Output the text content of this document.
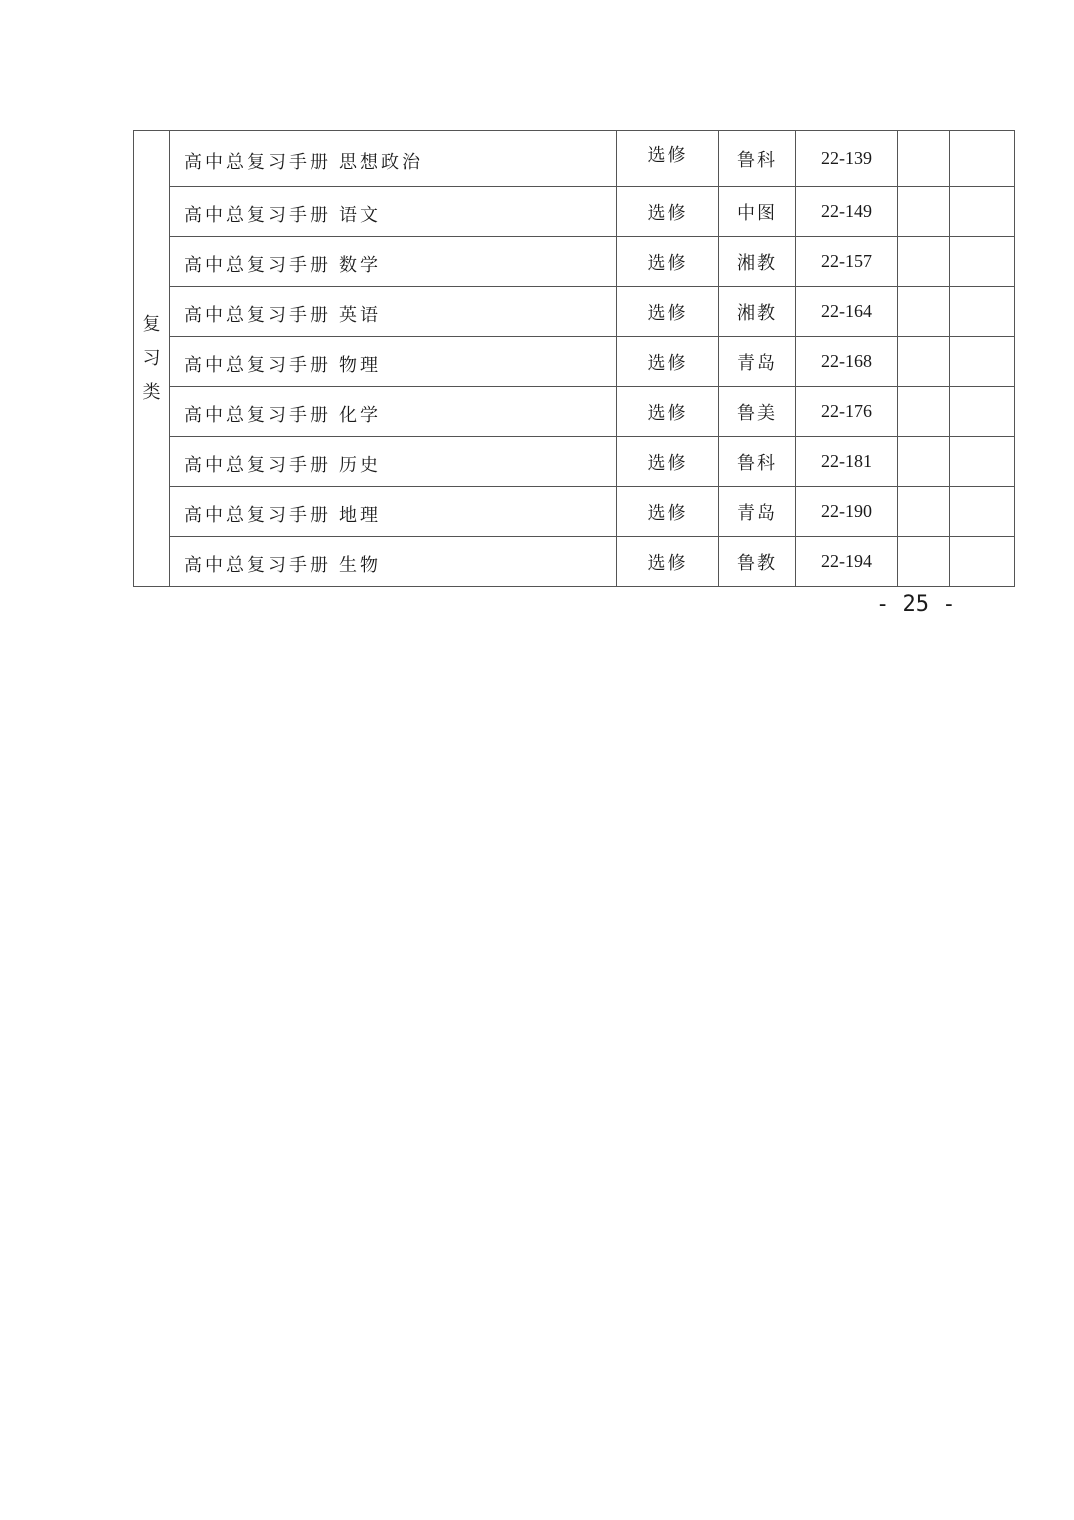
复习类	高中总复习手册 思想政治	选修	鲁科	22-139		
	高中总复习手册 语文	选修	中图	22-149		
	高中总复习手册 数学	选修	湘教	22-157		
	高中总复习手册 英语	选修	湘教	22-164		
	高中总复习手册 物理	选修	青岛	22-168		
	高中总复习手册 化学	选修	鲁美	22-176		
	高中总复习手册 历史	选修	鲁科	22-181		
	高中总复习手册 地理	选修	青岛	22-190		
	高中总复习手册 生物	选修	鲁教	22-194		
- 25 -
